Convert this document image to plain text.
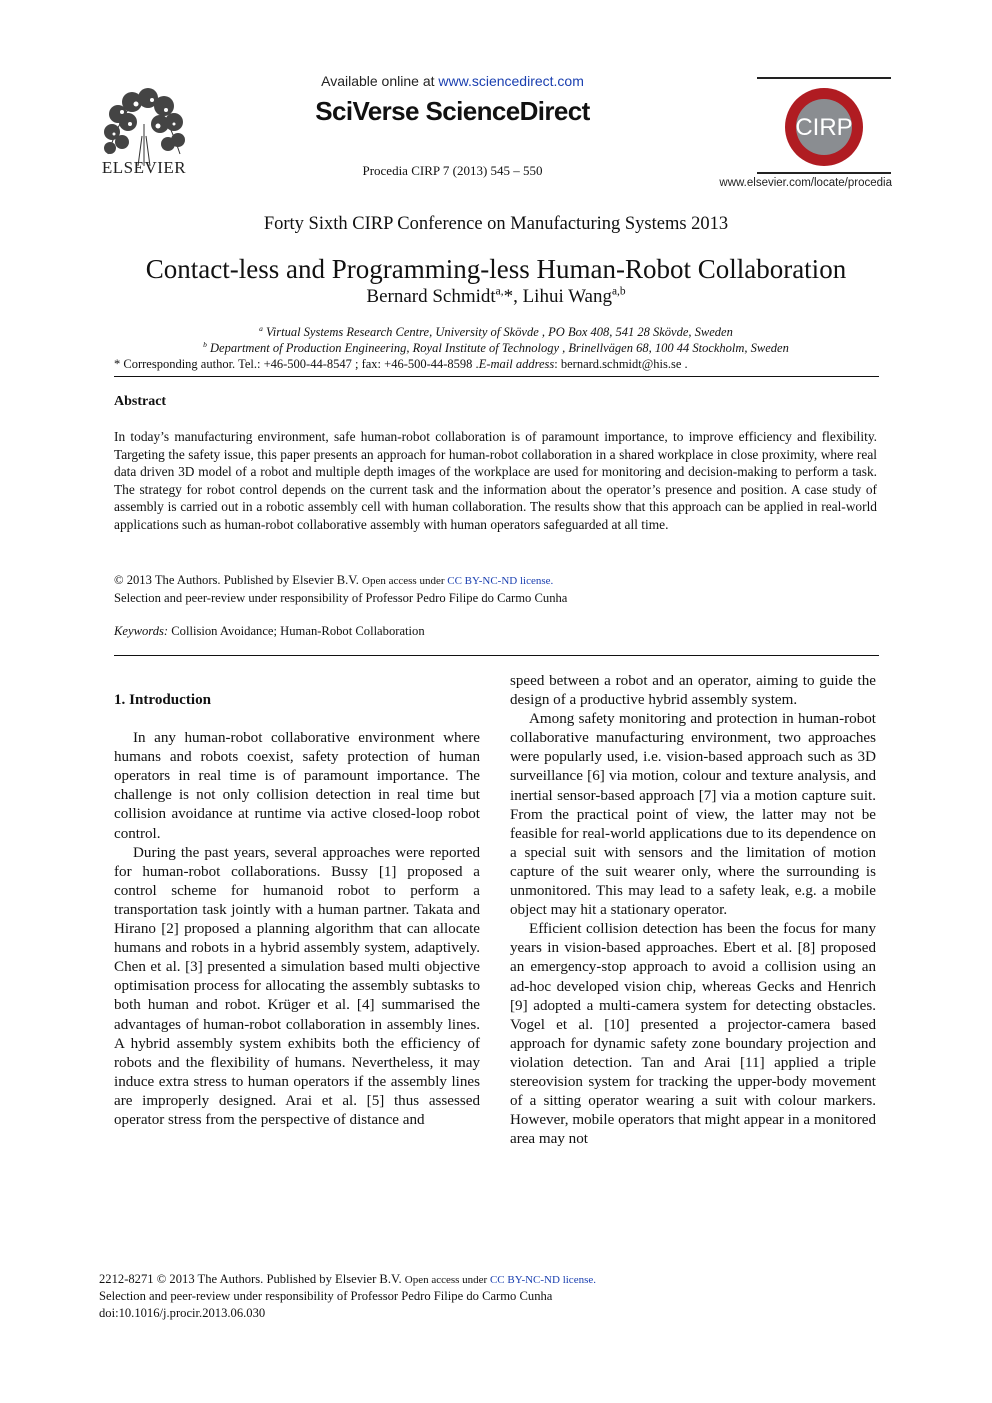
ELSEVIER
Available online at www.sciencedirect.com
SciVerse ScienceDirect
Procedia CIRP 7 (2013) 545 – 550
CIRP
www.elsevier.com/locate/procedia
Forty Sixth CIRP Conference on Manufacturing Systems 2013
Contact-less and Programming-less Human-Robot Collaboration
Bernard Schmidt$^{a,}$*, Lihui Wang$^{a,b}$
$^a$ Virtual Systems Research Centre, University of Skövde , PO Box 408, 541 28 Skövde, Sweden
$^b$ Department of Production Engineering, Royal Institute of Technology , Brinellvägen 68, 100 44 Stockholm, Sweden
* Corresponding author. Tel.: +46-500-44-8547 ; fax: +46-500-44-8598 .E-mail address: bernard.schmidt@his.se .
Abstract
In today’s manufacturing environment, safe human-robot collaboration is of paramount importance, to improve efficiency and flexibility. Targeting the safety issue, this paper presents an approach for human-robot collaboration in a shared workplace in close proximity, where real data driven 3D model of a robot and multiple depth images of the workplace are used for monitoring and decision-making to perform a task. The strategy for robot control depends on the current task and the information about the operator’s presence and position. A case study of assembly is carried out in a robotic assembly cell with human collaboration. The results show that this approach can be applied in real-world applications such as human-robot collaborative assembly with human operators safeguarded at all time.
© 2013 The Authors. Published by Elsevier B.V. Open access under CC BY-NC-ND license.
Selection and peer-review under responsibility of Professor Pedro Filipe do Carmo Cunha
Keywords: Collision Avoidance; Human-Robot Collaboration

1. Introduction

In any human-robot collaborative environment where humans and robots coexist, safety protection of human operators in real time is of paramount importance. The challenge is not only collision detection in real time but collision avoidance at runtime via active closed-loop robot control.

During the past years, several approaches were reported for human-robot collaborations. Bussy [1] proposed a control scheme for humanoid robot to perform a transportation task jointly with a human partner. Takata and Hirano [2] proposed a planning algorithm that can allocate humans and robots in a hybrid assembly system, adaptively. Chen et al. [3] presented a simulation based multi objective optimisation process for allocating the assembly subtasks to both human and robot. Krüger et al. [4] summarised the advantages of human-robot collaboration in assembly lines. A hybrid assembly system exhibits both the efficiency of robots and the flexibility of humans. Nevertheless, it may induce extra stress to human operators if the assembly lines are improperly designed. Arai et al. [5] thus assessed operator stress from the perspective of distance and

speed between a robot and an operator, aiming to guide the design of a productive hybrid assembly system.

Among safety monitoring and protection in human-robot collaborative manufacturing environment, two approaches were popularly used, i.e. vision-based approach such as 3D surveillance [6] via motion, colour and texture analysis, and inertial sensor-based approach [7] via a motion capture suit. From the practical point of view, the latter may not be feasible for real-world applications due to its dependence on a special suit with sensors and the limitation of motion capture of the suit wearer only, where the surrounding is unmonitored. This may lead to a safety leak, e.g. a mobile object may hit a stationary operator.

Efficient collision detection has been the focus for many years in vision-based approaches. Ebert et al. [8] proposed an emergency-stop approach to avoid a collision using an ad-hoc developed vision chip, whereas Gecks and Henrich [9] adopted a multi-camera system for detecting obstacles. Vogel et al. [10] presented a projector-camera based approach for dynamic safety zone boundary projection and violation detection. Tan and Arai [11] applied a triple stereovision system for tracking the upper-body movement of a sitting operator wearing a suit with colour markers. However, mobile operators that might appear in a monitored area may not

2212-8271 © 2013 The Authors. Published by Elsevier B.V. Open access under CC BY-NC-ND license.
Selection and peer-review under responsibility of Professor Pedro Filipe do Carmo Cunha
doi:10.1016/j.procir.2013.06.030
